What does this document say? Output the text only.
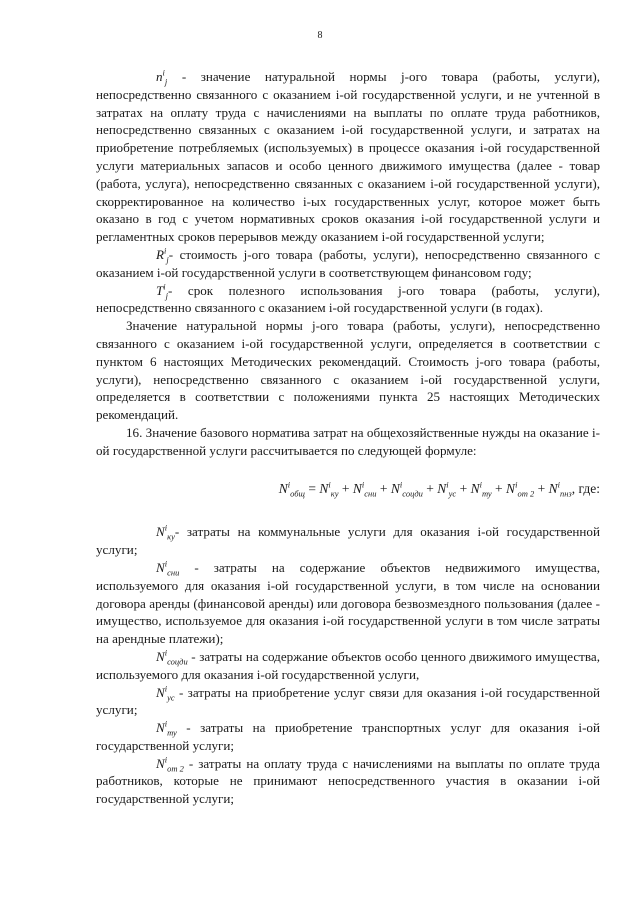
8

$n^i_j$ - значение натуральной нормы j-ого товара (работы, услуги), непосредственно связанного с оказанием i-ой государственной услуги, и не учтенной в затратах на оплату труда с начислениями на выплаты по оплате труда работников, непосредственно связанных с оказанием i-ой государственной услуги, и затратах на приобретение потребляемых (используемых) в процессе оказания i-ой государственной услуги материальных запасов и особо ценного движимого имущества (далее - товар (работа, услуга), непосредственно связанных с оказанием i-ой государственной услуги), скорректированное на количество i-ых государственных услуг, которое может быть оказано в год с учетом нормативных сроков оказания i-ой государственной услуги и регламентных сроков перерывов между оказанием i-ой государственной услуги;

$R^i_j-$ стоимость j-ого товара (работы, услуги), непосредственно связанного с оказанием i-ой государственной услуги в соответствующем финансовом году;

$T^i_j-$ срок полезного использования j-ого товара (работы, услуги), непосредственно связанного с оказанием i-ой государственной услуги (в годах).

Значение натуральной нормы j-ого товара (работы, услуги), непосредственно связанного с оказанием i-ой государственной услуги, определяется в соответствии с пунктом 6 настоящих Методических рекомендаций. Стоимость j-ого товара (работы, услуги), непосредственно связанного с оказанием i-ой государственной услуги, определяется в соответствии с положениями пункта 25 настоящих Методических рекомендаций.

16. Значение базового норматива затрат на общехозяйственные нужды на оказание i-ой государственной услуги рассчитывается по следующей формуле:

$N^i_{общ} = N^i_{ку} + N^i_{сни} + N^i_{соцди} + N^i_{ус} + N^i_{ту} + N^i_{от 2} + N^i_{пнз}$, где:

$N^i_{ку}-$ затраты на коммунальные услуги для оказания i-ой государственной услуги;

$N^i_{сни}$ - затраты на содержание объектов недвижимого имущества, используемого для оказания i-ой государственной услуги, в том числе на основании договора аренды (финансовой аренды) или договора безвозмездного пользования (далее - имущество, используемое для оказания i-ой государственной услуги в том числе затраты на арендные платежи);

$N^i_{соцди}$ - затраты на содержание объектов особо ценного движимого имущества, используемого для оказания i-ой государственной услуги,

$N^i_{ус}$ - затраты на приобретение услуг связи для оказания i-ой государственной услуги;

$N^i_{ту}$ - затраты на приобретение транспортных услуг для оказания i-ой государственной услуги;

$N^i_{от 2}$ - затраты на оплату труда с начислениями на выплаты по оплате труда работников, которые не принимают непосредственного участия в оказании i-ой государственной услуги;
